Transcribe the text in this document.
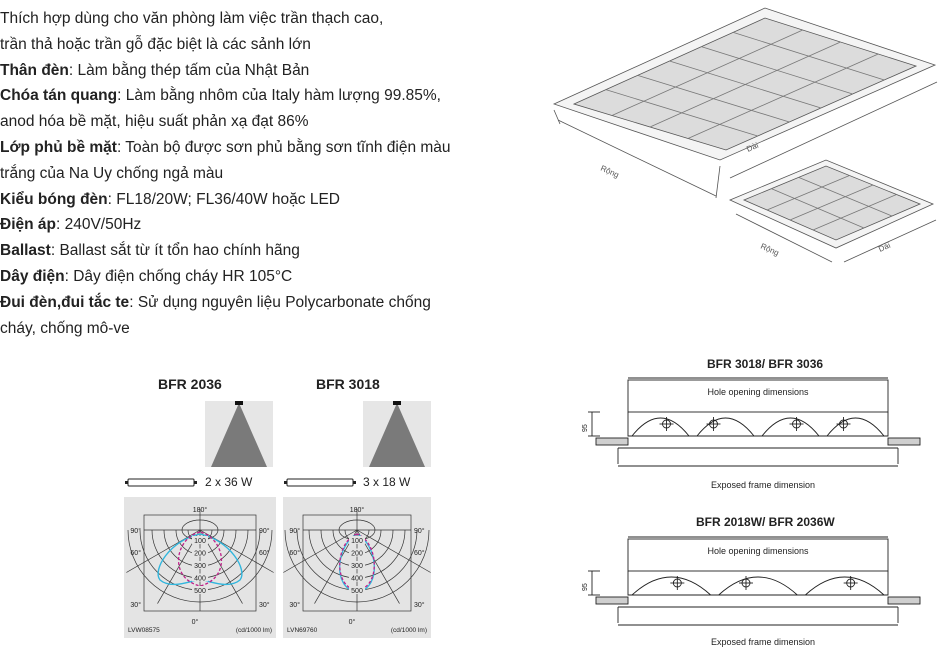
Thích hợp dùng cho văn phòng làm việc trần thạch cao,
trần thả hoặc trần gỗ đặc biệt là các sảnh lớn
Thân đèn: Làm bằng thép tấm của Nhật Bản
Chóa tán quang: Làm bằng nhôm của Italy hàm lượng 99.85%,
anod hóa bề mặt, hiệu suất phản xạ đạt 86%
Lớp phủ bề mặt: Toàn bộ được sơn phủ bằng sơn tĩnh điện màu
trắng của Na Uy chống ngả màu
Kiểu bóng đèn: FL18/20W; FL36/40W hoặc LED
Điện áp: 240V/50Hz
Ballast: Ballast sắt từ ít tổn hao chính hãng
Dây điện: Dây điện chống cháy HR 105°C
Đui đèn,đui tắc te: Sử dụng nguyên liệu Polycarbonate chống
cháy, chống mô-ve
Rộng
Dài
Rộng	Dài
BFR 2036	BFR 3018
2 x 36 W	3 x 18 W
180°
0°
90°	90°
60°	60°
30°	30°
100
200
300
400
500
LVW08575	(cd/1000 lm)
180°
0°
90°	90°
60°	60°
30°	30°
100
200
300
400
500
LVN69760	(cd/1000 lm)
BFR 3018/ BFR 3036
Hole opening dimensions
Exposed frame dimension
95
BFR 2018W/ BFR 2036W
Hole opening dimensions
Exposed frame dimension
95
